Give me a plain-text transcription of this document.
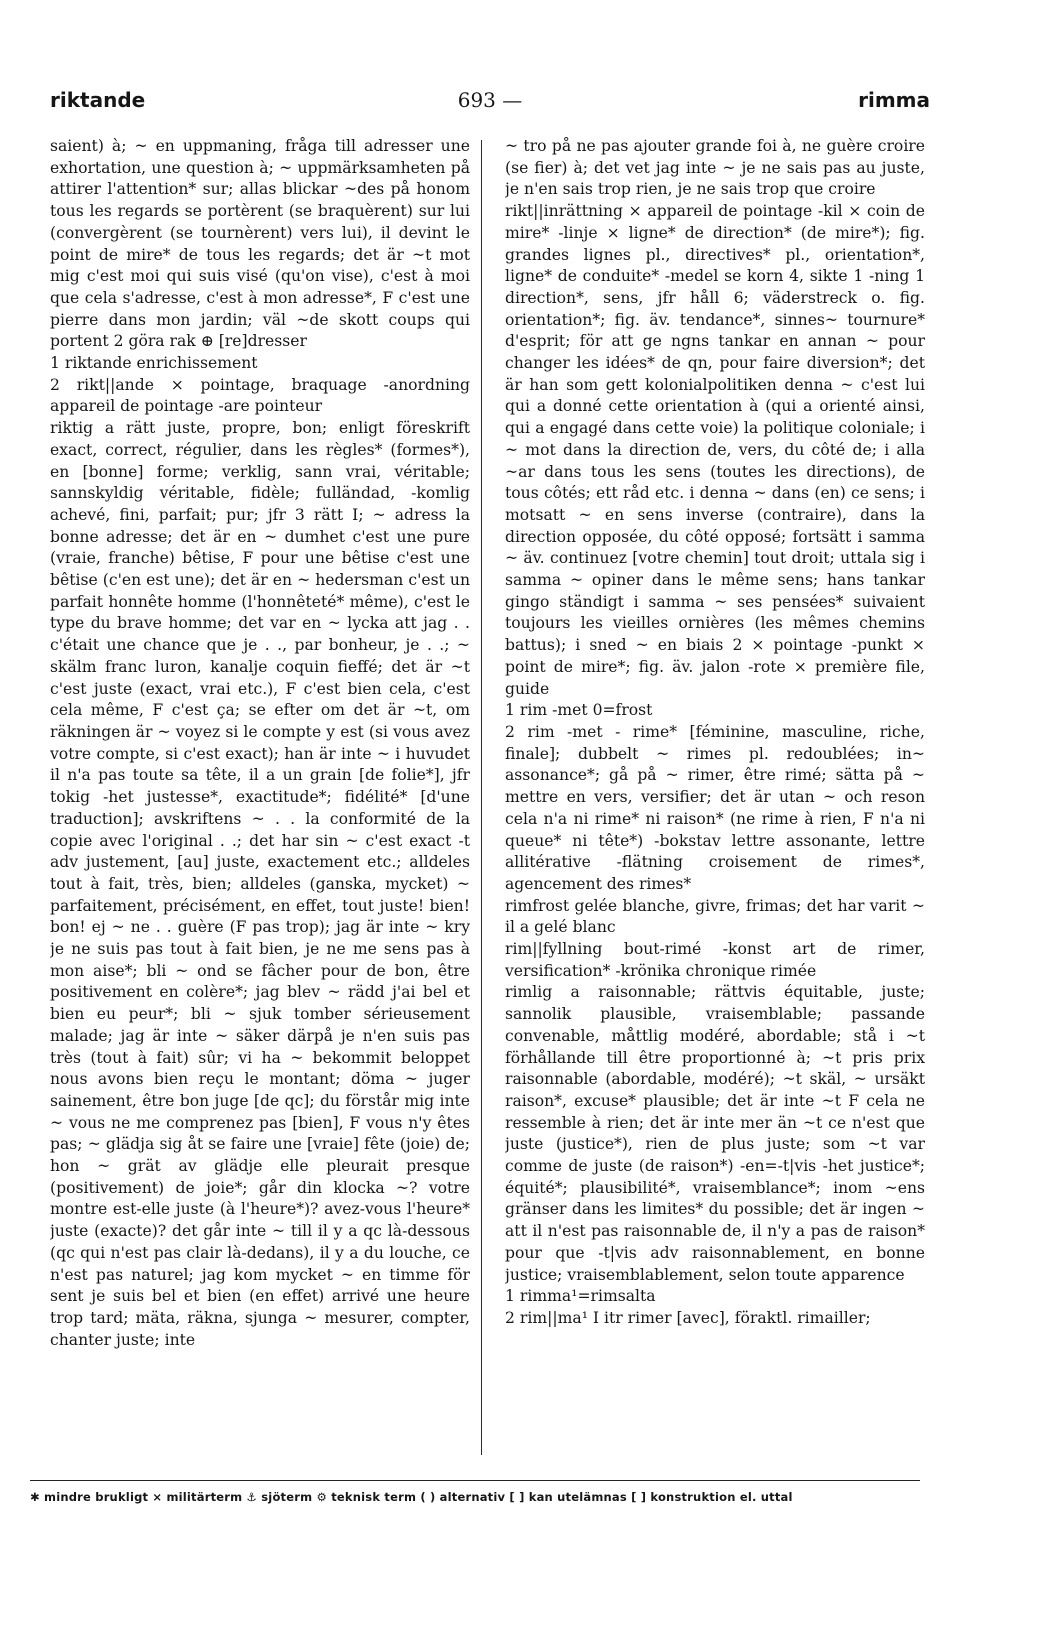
riktande	693 —	rimma
saient) à; ~ en uppmaning, fråga till adresser une exhortation, une question à; ~ uppmärksamheten på attirer l'attention* sur; allas blickar ~des på honom tous les regards se portèrent (se braquèrent) sur lui (convergèrent (se tournèrent) vers lui), il devint le point de mire* de tous les regards; det är ~t mot mig c'est moi qui suis visé (qu'on vise), c'est à moi que cela s'adresse, c'est à mon adresse*, F c'est une pierre dans mon jardin; väl ~de skott coups qui portent 2 göra rak ⊕ [re]dresser
1 riktande enrichissement
2 rikt||ande ⨯ pointage, braquage -anordning appareil de pointage -are pointeur
riktig a rätt juste, propre, bon; enligt föreskrift exact, correct, régulier, dans les règles* (formes*), en [bonne] forme; verklig, sann vrai, véritable; sannskyldig véritable, fidèle; fulländad, -komlig achevé, fini, parfait; pur; jfr 3 rätt I; ~ adress la bonne adresse; det är en ~ dumhet c'est une pure (vraie, franche) bêtise, F pour une bêtise c'est une bêtise (c'en est une); det är en ~ hedersman c'est un parfait honnête homme (l'honnêteté* même), c'est le type du brave homme; det var en ~ lycka att jag . . c'était une chance que je . ., par bonheur, je . .; ~ skälm franc luron, kanalje coquin fieffé; det är ~t c'est juste (exact, vrai etc.), F c'est bien cela, c'est cela même, F c'est ça; se efter om det är ~t, om räkningen är ~ voyez si le compte y est (si vous avez votre compte, si c'est exact); han är inte ~ i huvudet il n'a pas toute sa tête, il a un grain [de folie*], jfr tokig -het justesse*, exactitude*; fidélité* [d'une traduction]; avskriftens ~ . . la conformité de la copie avec l'original . .; det har sin ~ c'est exact -t adv justement, [au] juste, exactement etc.; alldeles tout à fait, très, bien; alldeles (ganska, mycket) ~ parfaitement, précisément, en effet, tout juste! bien! bon! ej ~ ne . . guère (F pas trop); jag är inte ~ kry je ne suis pas tout à fait bien, je ne me sens pas à mon aise*; bli ~ ond se fâcher pour de bon, être positivement en colère*; jag blev ~ rädd j'ai bel et bien eu peur*; bli ~ sjuk tomber sérieusement malade; jag är inte ~ säker därpå je n'en suis pas très (tout à fait) sûr; vi ha ~ bekommit beloppet nous avons bien reçu le montant; döma ~ juger sainement, être bon juge [de qc]; du förstår mig inte ~ vous ne me comprenez pas [bien], F vous n'y êtes pas; ~ glädja sig åt se faire une [vraie] fête (joie) de; hon ~ grät av glädje elle pleurait presque (positivement) de joie*; går din klocka ~? votre montre est-elle juste (à l'heure*)? avez-vous l'heure* juste (exacte)? det går inte ~ till il y a qc là-dessous (qc qui n'est pas clair là-dedans), il y a du louche, ce n'est pas naturel; jag kom mycket ~ en timme för sent je suis bel et bien (en effet) arrivé une heure trop tard; mäta, räkna, sjunga ~ mesurer, compter, chanter juste; inte
~ tro på ne pas ajouter grande foi à, ne guère croire (se fier) à; det vet jag inte ~ je ne sais pas au juste, je n'en sais trop rien, je ne sais trop que croire
rikt||inrättning ⨯ appareil de pointage -kil ⨯ coin de mire* -linje ⨯ ligne* de direction* (de mire*); fig. grandes lignes pl., directives* pl., orientation*, ligne* de conduite* -medel se korn 4, sikte 1 -ning 1 direction*, sens, jfr håll 6; väderstreck o. fig. orientation*; fig. äv. tendance*, sinnes~ tournure* d'esprit; för att ge ngns tankar en annan ~ pour changer les idées* de qn, pour faire diversion*; det är han som gett kolonialpolitiken denna ~ c'est lui qui a donné cette orientation à (qui a orienté ainsi, qui a engagé dans cette voie) la politique coloniale; i ~ mot dans la direction de, vers, du côté de; i alla ~ar dans tous les sens (toutes les directions), de tous côtés; ett råd etc. i denna ~ dans (en) ce sens; i motsatt ~ en sens inverse (contraire), dans la direction opposée, du côté opposé; fortsätt i samma ~ äv. continuez [votre chemin] tout droit; uttala sig i samma ~ opiner dans le même sens; hans tankar gingo ständigt i samma ~ ses pensées* suivaient toujours les vieilles ornières (les mêmes chemins battus); i sned ~ en biais 2 ⨯ pointage -punkt ⨯ point de mire*; fig. äv. jalon -rote ⨯ première file, guide
1 rim -met 0=frost
2 rim -met - rime* [féminine, masculine, riche, finale]; dubbelt ~ rimes pl. redoublées; in~ assonance*; gå på ~ rimer, être rimé; sätta på ~ mettre en vers, versifier; det är utan ~ och reson cela n'a ni rime* ni raison* (ne rime à rien, F n'a ni queue* ni tête*) -bokstav lettre assonante, lettre allitérative -flätning croisement de rimes*, agencement des rimes*
rimfrost gelée blanche, givre, frimas; det har varit ~ il a gelé blanc
rim||fyllning bout-rimé -konst art de rimer, versification* -krönika chronique rimée
rimlig a raisonnable; rättvis équitable, juste; sannolik plausible, vraisemblable; passande convenable, måttlig modéré, abordable; stå i ~t förhållande till être proportionné à; ~t pris prix raisonnable (abordable, modéré); ~t skäl, ~ ursäkt raison*, excuse* plausible; det är inte ~t F cela ne ressemble à rien; det är inte mer än ~t ce n'est que juste (justice*), rien de plus juste; som ~t var comme de juste (de raison*) -en=-t|vis -het justice*; équité*; plausibilité*, vraisemblance*; inom ~ens gränser dans les limites* du possible; det är ingen ~ att il n'est pas raisonnable de, il n'y a pas de raison* pour que -t|vis adv raisonnablement, en bonne justice; vraisemblablement, selon toute apparence
1 rimma¹=rimsalta
2 rim||ma¹ I itr rimer [avec], föraktl. rimailler;
✱ mindre brukligt ⨯ militärterm ⚓ sjöterm ⚙ teknisk term ( ) alternativ [ ] kan utelämnas [ ] konstruktion el. uttal
